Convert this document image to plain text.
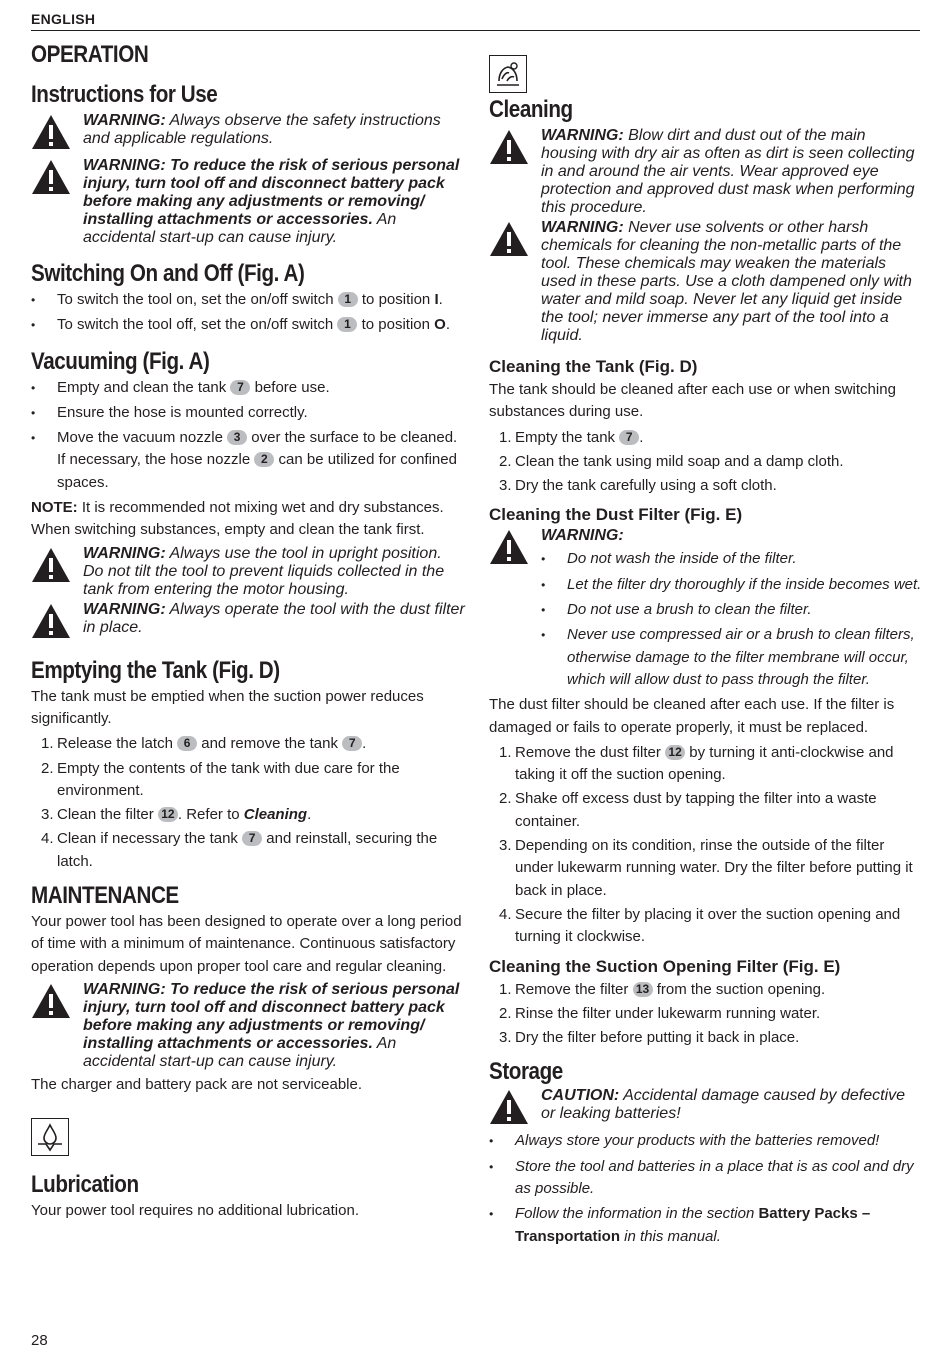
ENGLISH
OPERATION
Instructions for Use
WARNING: Always observe the safety instructions and applicable regulations.
WARNING: To reduce the risk of serious personal injury, turn tool off and disconnect battery pack before making any adjustments or removing/ installing attachments or accessories. An accidental start-up can cause injury.
Switching On and Off (Fig. A)
• To switch the tool on, set the on/off switch 1 to position I.
• To switch the tool off, set the on/off switch 1 to position O.
Vacuuming (Fig. A)
• Empty and clean the tank 7 before use.
• Ensure the hose is mounted correctly.
• Move the vacuum nozzle 3 over the surface to be cleaned. If necessary, the hose nozzle 2 can be utilized for confined spaces.

NOTE: It is recommended not mixing wet and dry substances. When switching substances, empty and clean the tank first.

WARNING: Always use the tool in upright position. Do not tilt the tool to prevent liquids collected in the tank from entering the motor housing.
WARNING: Always operate the tool with the dust filter in place.
Emptying the Tank (Fig. D)

The tank must be emptied when the suction power reduces significantly.

1. Release the latch 6 and remove the tank 7 .
2. Empty the contents of the tank with due care for the environment.
3. Clean the filter 12 . Refer to Cleaning.
4. Clean if necessary the tank 7 and reinstall, securing the latch.
MAINTENANCE

Your power tool has been designed to operate over a long period of time with a minimum of maintenance. Continuous satisfactory operation depends upon proper tool care and regular cleaning.

WARNING: To reduce the risk of serious personal injury, turn tool off and disconnect battery pack before making any adjustments or removing/ installing attachments or accessories. An accidental start-up can cause injury.

The charger and battery pack are not serviceable.

Lubrication

Your power tool requires no additional lubrication.

Cleaning
WARNING: Blow dirt and dust out of the main housing with dry air as often as dirt is seen collecting in and around the air vents. Wear approved eye protection and approved dust mask when performing this procedure.
WARNING: Never use solvents or other harsh chemicals for cleaning the non-metallic parts of the tool. These chemicals may weaken the materials used in these parts. Use a cloth dampened only with water and mild soap. Never let any liquid get inside the tool; never immerse any part of the tool into a liquid.
Cleaning the Tank (Fig. D)

The tank should be cleaned after each use or when switching substances during use.

1. Empty the tank 7 .
2. Clean the tank using mild soap and a damp cloth.
3. Dry the tank carefully using a soft cloth.
Cleaning the Dust Filter (Fig. E)
WARNING:
• Do not wash the inside of the filter.
• Let the filter dry thoroughly if the inside becomes wet.
• Do not use a brush to clean the filter.
• Never use compressed air or a brush to clean filters, otherwise damage to the filter membrane will occur, which will allow dust to pass through the filter.

The dust filter should be cleaned after each use. If the filter is damaged or fails to operate properly, it must be replaced.

1. Remove the dust filter 12 by turning it anti-clockwise and taking it off the suction opening.
2. Shake off excess dust by tapping the filter into a waste container.
3. Depending on its condition, rinse the outside of the filter under lukewarm running water. Dry the filter before putting it back in place.
4. Secure the filter by placing it over the suction opening and turning it clockwise.
Cleaning the Suction Opening Filter (Fig. E)
1. Remove the filter 13 from the suction opening.
2. Rinse the filter under lukewarm running water.
3. Dry the filter before putting it back in place.
Storage
CAUTION: Accidental damage caused by defective or leaking batteries!
• Always store your products with the batteries removed!
• Store the tool and batteries in a place that is as cool and dry as possible.
• Follow the information in the section Battery Packs – Transportation in this manual.
28
